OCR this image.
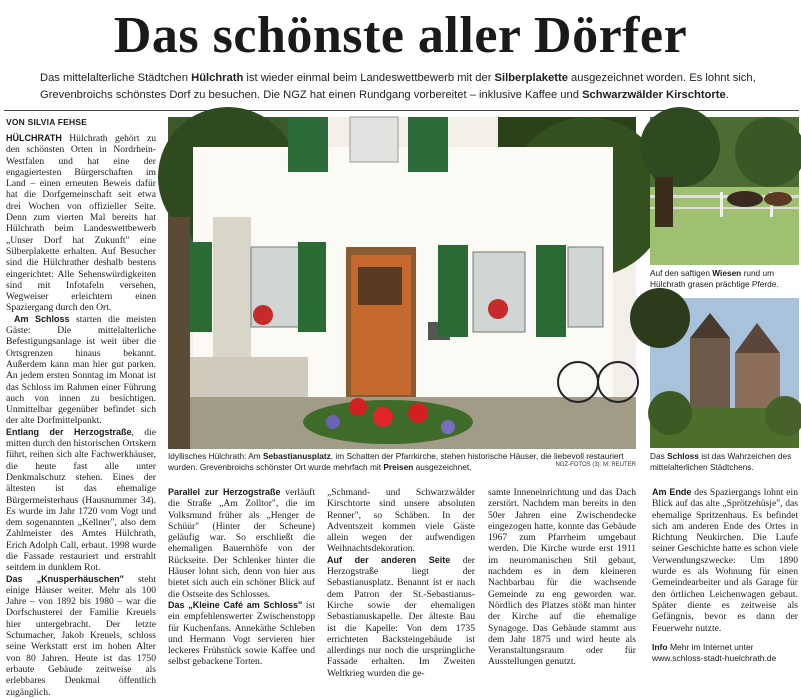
Das schönste aller Dörfer
Das mittelalterliche Städtchen Hülchrath ist wieder einmal beim Landeswettbewerb mit der Silberplakette ausgezeichnet worden. Es lohnt sich, Grevenbroichs schönstes Dorf zu besuchen. Die NGZ hat einen Rundgang vorbereitet – inklusive Kaffee und Schwarzwälder Kirschtorte.
VON SILVIA FEHSE

HÜLCHRATH Hülchrath gehört zu den schönsten Orten in Nordrhein-Westfalen und hat eine der engagiertesten Bürgerschaften im Land – einen erneuten Beweis dafür hat die Dorfgemeinschaft seit etwa drei Wochen von offizieller Seite. Denn zum vierten Mal bereits hat Hülchrath beim Landeswettbewerb „Unser Dorf hat Zukunft" eine Silberplakette erhalten. Auf Besucher sind die Hülchrather deshalb bestens eingerichtet: Alle Sehenswürdigkeiten sind mit Infotafeln versehen, Wegweiser erleichtern einen Spaziergang durch den Ort.

Am Schloss starten die meisten Gäste: Die mittelalterliche Befestigungsanlage ist weit über die Ortsgrenzen hinaus bekannt. Außerdem kann man hier gut parken. An jedem ersten Sonntag im Monat ist das Schloss im Rahmen einer Führung auch von innen zu besichtigen. Unmittelbar gegenüber befindet sich der alte Dorfmittelpunkt.

Entlang der Herzogstraße, die mitten durch den historischen Ortskern führt, reihen sich alte Fachwerkhäuser, die heute fast alle unter Denkmalschutz stehen. Eines der ältesten ist das ehemalige Bürgermeisterhaus (Hausnummer 34). Es wurde im Jahr 1720 vom Vogt und dem sogenannten „Kellner", also dem Zahlmeister des Amtes Hülchrath, Erich Adolph Call, erbaut. 1998 wurde die Fassade restauriert und erstrahlt seitdem in dunklem Rot.

Das „Knusperhäuschen" steht einige Häuser weiter. Mehr als 100 Jahre – von 1892 bis 1980 – war die Dorfschusterei der Familie Kreuels hier untergebracht. Der letzte Schumacher, Jakob Kreuels, schloss seine Werkstatt erst im hohen Alter von 80 Jahren. Heute ist das 1750 erbaute Gebäude zeitweise als erlebbares Denkmal öffentlich zugänglich.

Idyllisches Hülchrath: Am Sebastianusplatz, im Schatten der Pfarrkirche, stehen historische Häuser, die liebevoll restauriert wurden. Grevenbroichs schönster Ort wurde mehrfach mit Preisen ausgezeichnet.	NGZ-FOTOS (3): M. REUTER
Auf den saftigen Wiesen rund um Hülchrath grasen prächtige Pferde.
Das Schloss ist das Wahrzeichen des mittelalterlichen Städtchens.

Parallel zur Herzogstraße verläuft die Straße „Am Zolltor", die im Volksmund früher als „Henger de Schüür" (Hinter der Scheune) geläufig war. So erschließt die ehemaligen Bauernhöfe von der Rückseite. Der Schlenker hinter die Häuser lohnt sich, denn von hier aus bietet sich auch ein schöner Blick auf die Ostseite des Schlosses.

Das „Kleine Café am Schloss" ist ein empfehlenswerter Zwischenstopp für Kuchenfans. Annekäthe Schleben und Hermann Vogt servieren hier leckeres Frühstück sowie Kaffee und selbst gebackene Torten.

„Schmand- und Schwarzwälder Kirschtorte sind unsere absoluten Renner", so Schäben. In der Adventszeit kommen viele Gäste allein wegen der aufwendigen Weihnachtsdekoration.

Auf der anderen Seite der Herzogstraße liegt der Sebastianusplatz. Benannt ist er nach dem Patron der St.-Sebastianus-Kirche sowie der ehemaligen Sebastianuskapelle. Der älteste Bau ist die Kapelle: Von dem 1735 errichteten Backsteingebäude ist allerdings nur noch die ursprüngliche Fassade erhalten. Im Zweiten Weltkrieg wurden die ge-

samte Inneneinrichtung und das Dach zerstört. Nachdem man bereits in den 50er Jahren eine Zwischendecke eingezogen hatte, konnte das Gebäude 1967 zum Pfarrheim umgebaut werden. Die Kirche wurde erst 1911 im neuromanischen Stil gebaut, nachdem es in dem kleineren Nachbarbau für die wachsende Gemeinde zu eng geworden war. Nördlich des Platzes stößt man hinter der Kirche auf die ehemalige Synagoge. Das Gebäude stammt aus dem Jahr 1875 und wird heute als Veranstaltungsraum oder für Ausstellungen genutzt.

Am Ende des Spaziergangs lohnt ein Blick auf das alte „Sprötzehüsje", das ehemalige Spritzenhaus. Es befindet sich am anderen Ende des Ortes in Richtung Neukirchen. Die Laufe seiner Geschichte hatte es schon viele Verwendungszwecke: Um 1890 wurde es als Wohnung für einen Gemeindearbeiter und als Garage für den örtlichen Leichenwagen gebaut. Später diente es zeitweise als Gefängnis, bevor es dann der Feuerwehr nutzte.

Info Mehr im Internet unter
www.schloss-stadt-huelchrath.de
